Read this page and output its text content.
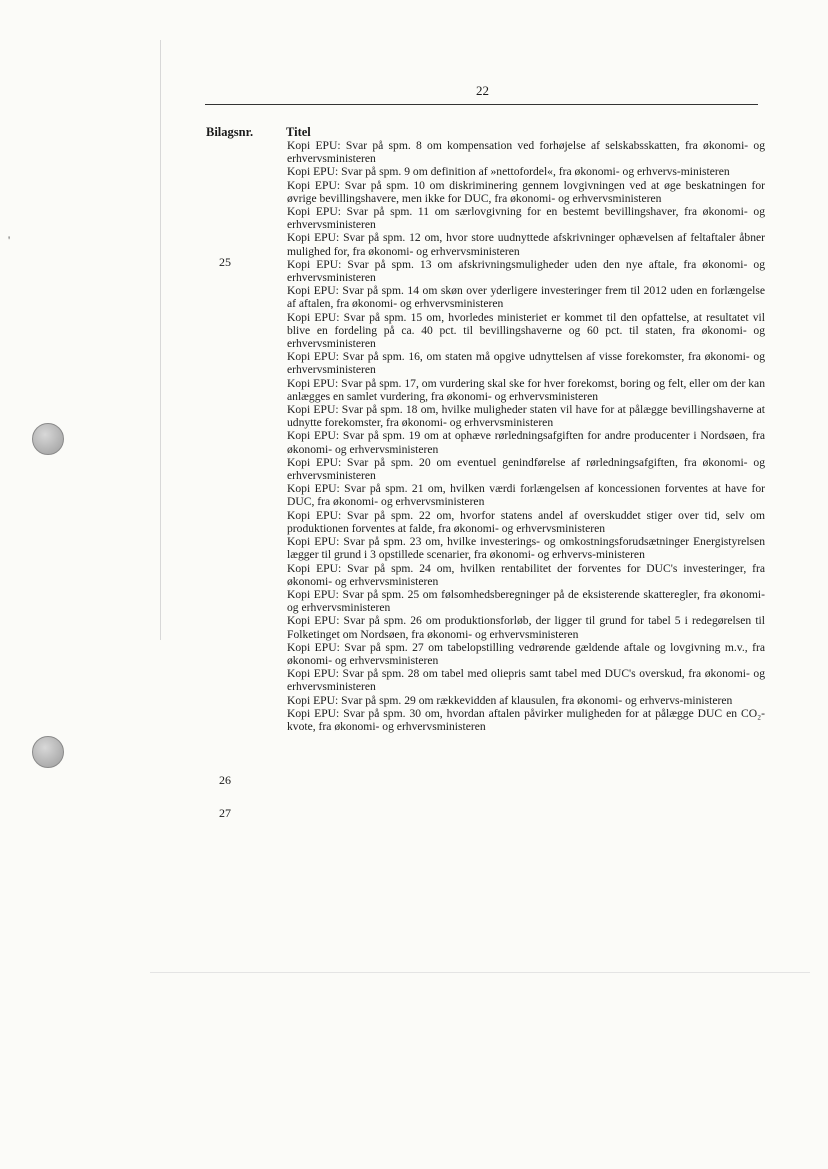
'
22
Bilagsnr.	Titel
25
26
27

Kopi EPU: Svar på spm. 8 om kompensation ved forhøjelse af selskabsskatten, fra økonomi- og erhvervsministeren

Kopi EPU: Svar på spm. 9 om definition af »nettofordel«, fra økonomi- og erhvervs-ministeren

Kopi EPU: Svar på spm. 10 om diskriminering gennem lovgivningen ved at øge beskatningen for øvrige bevillingshavere, men ikke for DUC, fra økonomi- og erhvervsministeren

Kopi EPU: Svar på spm. 11 om særlovgivning for en bestemt bevillingshaver, fra økonomi- og erhvervsministeren

Kopi EPU: Svar på spm. 12 om, hvor store uudnyttede afskrivninger ophævelsen af feltaftaler åbner mulighed for, fra økonomi- og erhvervsministeren

Kopi EPU: Svar på spm. 13 om afskrivningsmuligheder uden den nye aftale, fra økonomi- og erhvervsministeren

Kopi EPU: Svar på spm. 14 om skøn over yderligere investeringer frem til 2012 uden en forlængelse af aftalen, fra økonomi- og erhvervsministeren

Kopi EPU: Svar på spm. 15 om, hvorledes ministeriet er kommet til den opfattelse, at resultatet vil blive en fordeling på ca. 40 pct. til bevillingshaverne og 60 pct. til staten, fra økonomi- og erhvervsministeren

Kopi EPU: Svar på spm. 16, om staten må opgive udnyttelsen af visse forekomster, fra økonomi- og erhvervsministeren

Kopi EPU: Svar på spm. 17, om vurdering skal ske for hver forekomst, boring og felt, eller om der kan anlægges en samlet vurdering, fra økonomi- og erhvervsministeren

Kopi EPU: Svar på spm. 18 om, hvilke muligheder staten vil have for at pålægge bevillingshaverne at udnytte forekomster, fra økonomi- og erhvervsministeren

Kopi EPU: Svar på spm. 19 om at ophæve rørledningsafgiften for andre producenter i Nordsøen, fra økonomi- og erhvervsministeren

Kopi EPU: Svar på spm. 20 om eventuel genindførelse af rørledningsafgiften, fra økonomi- og erhvervsministeren

Kopi EPU: Svar på spm. 21 om, hvilken værdi forlængelsen af koncessionen forventes at have for DUC, fra økonomi- og erhvervsministeren

Kopi EPU: Svar på spm. 22 om, hvorfor statens andel af overskuddet stiger over tid, selv om produktionen forventes at falde, fra økonomi- og erhvervsministeren

Kopi EPU: Svar på spm. 23 om, hvilke investerings- og omkostningsforudsætninger Energistyrelsen lægger til grund i 3 opstillede scenarier, fra økonomi- og erhvervs-ministeren

Kopi EPU: Svar på spm. 24 om, hvilken rentabilitet der forventes for DUC's investeringer, fra økonomi- og erhvervsministeren

Kopi EPU: Svar på spm. 25 om følsomhedsberegninger på de eksisterende skatteregler, fra økonomi- og erhvervsministeren

Kopi EPU: Svar på spm. 26 om produktionsforløb, der ligger til grund for tabel 5 i redegørelsen til Folketinget om Nordsøen, fra økonomi- og erhvervsministeren

Kopi EPU: Svar på spm. 27 om tabelopstilling vedrørende gældende aftale og lovgivning m.v., fra økonomi- og erhvervsministeren

Kopi EPU: Svar på spm. 28 om tabel med oliepris samt tabel med DUC's overskud, fra økonomi- og erhvervsministeren

Kopi EPU: Svar på spm. 29 om rækkevidden af klausulen, fra økonomi- og erhvervs-ministeren

Kopi EPU: Svar på spm. 30 om, hvordan aftalen påvirker muligheden for at pålægge DUC en CO₂-kvote, fra økonomi- og erhvervsministeren
